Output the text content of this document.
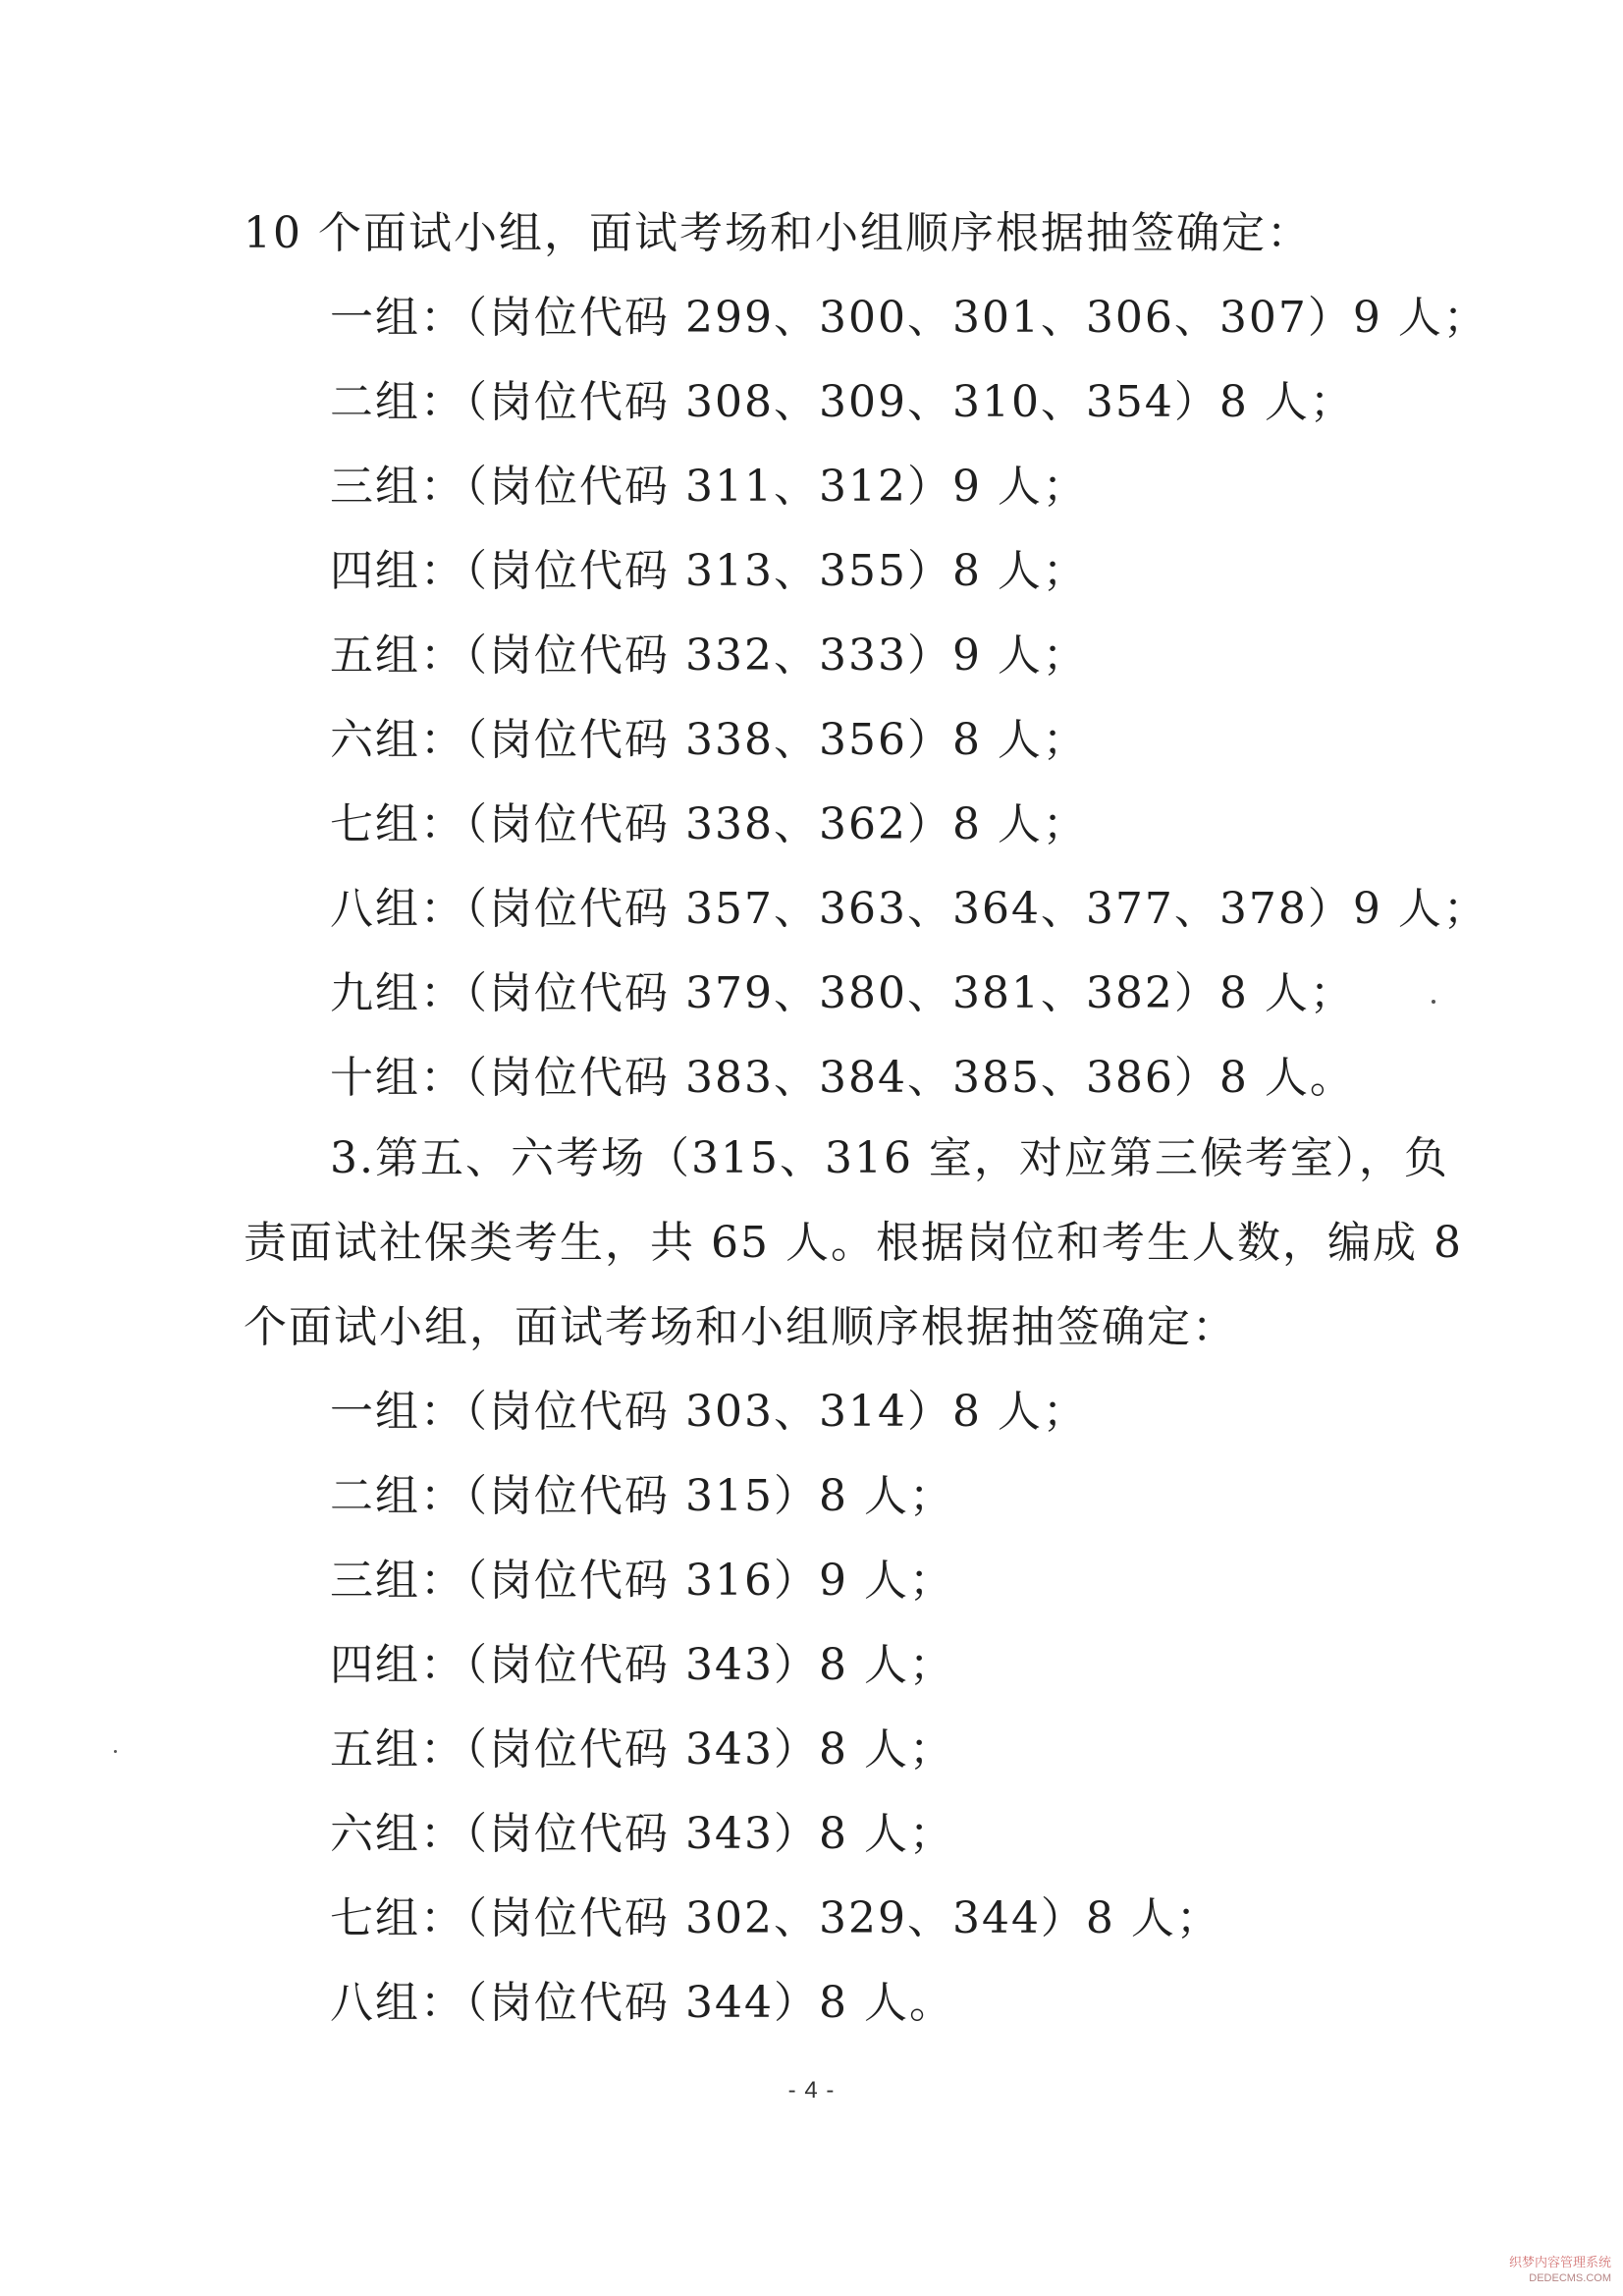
10 个面试小组，面试考场和小组顺序根据抽签确定：
一组：（岗位代码 299、300、301、306、307）9 人；
二组：（岗位代码 308、309、310、354）8 人；
三组：（岗位代码 311、312）9 人；
四组：（岗位代码 313、355）8 人；
五组：（岗位代码 332、333）9 人；
六组：（岗位代码 338、356）8 人；
七组：（岗位代码 338、362）8 人；
八组：（岗位代码 357、363、364、377、378）9 人；
九组：（岗位代码 379、380、381、382）8 人；
十组：（岗位代码 383、384、385、386）8 人。
3.第五、六考场（315、316 室，对应第三候考室），负
责面试社保类考生，共 65 人。根据岗位和考生人数，编成 8
个面试小组，面试考场和小组顺序根据抽签确定：
一组：（岗位代码 303、314）8 人；
二组：（岗位代码 315）8 人；
三组：（岗位代码 316）9 人；
四组：（岗位代码 343）8 人；
五组：（岗位代码 343）8 人；
六组：（岗位代码 343）8 人；
七组：（岗位代码 302、329、344）8 人；
八组：（岗位代码 344）8 人。
- 4 -
织梦内容管理系统
DEDECMS.COM
